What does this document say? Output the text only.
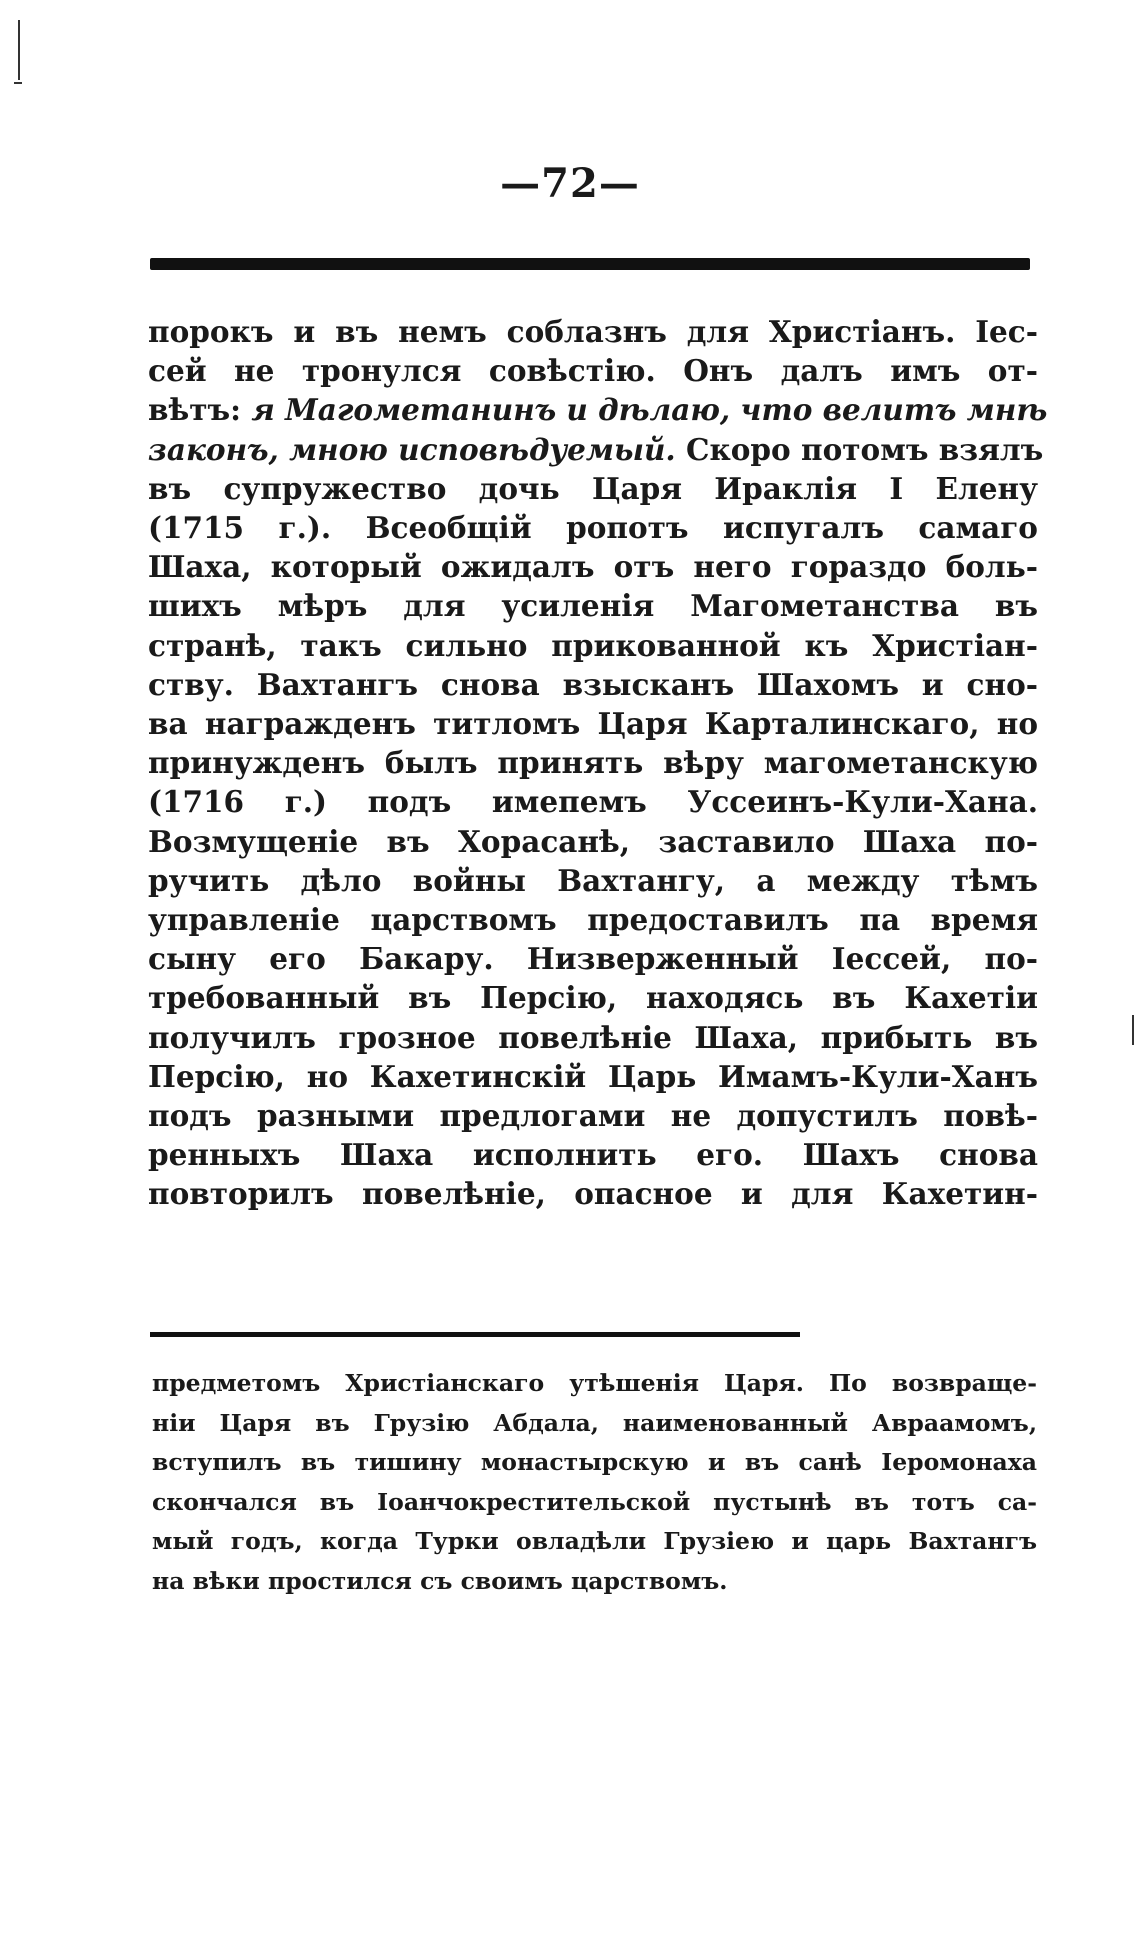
—72—
порокъ и въ немъ соблазнъ для Христіанъ. Іес-
сей не тронулся совѣстію. Онъ далъ имъ от-
вѣтъ: я Магометанинъ и дѣлаю, что велитъ мнѣ
законъ, мною исповѣдуемый. Скоро потомъ взялъ
въ супружество дочь Царя Ираклія I Елену
(1715 г.). Всеобщій ропотъ испугалъ самаго
Шаха, который ожидалъ отъ него гораздо боль-
шихъ мѣръ для усиленія Магометанства въ
странѣ, такъ сильно прикованной къ Христіан-
ству. Вахтангъ снова взысканъ Шахомъ и сно-
ва награжденъ титломъ Царя Карталинскаго, но
принужденъ былъ принять вѣру магометанскую
(1716 г.) подъ имепемъ Уссеинъ-Кули-Хана.
Возмущеніе въ Хорасанѣ, заставило Шаха по-
ручить дѣло войны Вахтангу, а между тѣмъ
управленіе царствомъ предоставилъ па время
сыну его Бакару. Низверженный Іессей, по-
требованный въ Персію, находясь въ Кахетіи
получилъ грозное повелѣніе Шаха, прибыть въ
Персію, но Кахетинскій Царь Имамъ-Кули-Ханъ
подъ разными предлогами не допустилъ повѣ-
ренныхъ Шаха исполнить его. Шахъ снова
повторилъ повелѣніе, опасное и для Кахетин-
предметомъ Христіанскаго утѣшенія Царя. По возвраще-
ніи Царя въ Грузію Абдала, наименованный Авраамомъ,
вступилъ въ тишину монастырскую и въ санѣ Іеромонаха
скончался въ Іоанчокрестительской пустынѣ въ тотъ са-
мый годъ, когда Турки овладѣли Грузіею и царь Вахтангъ
на вѣки простился съ своимъ царствомъ.
